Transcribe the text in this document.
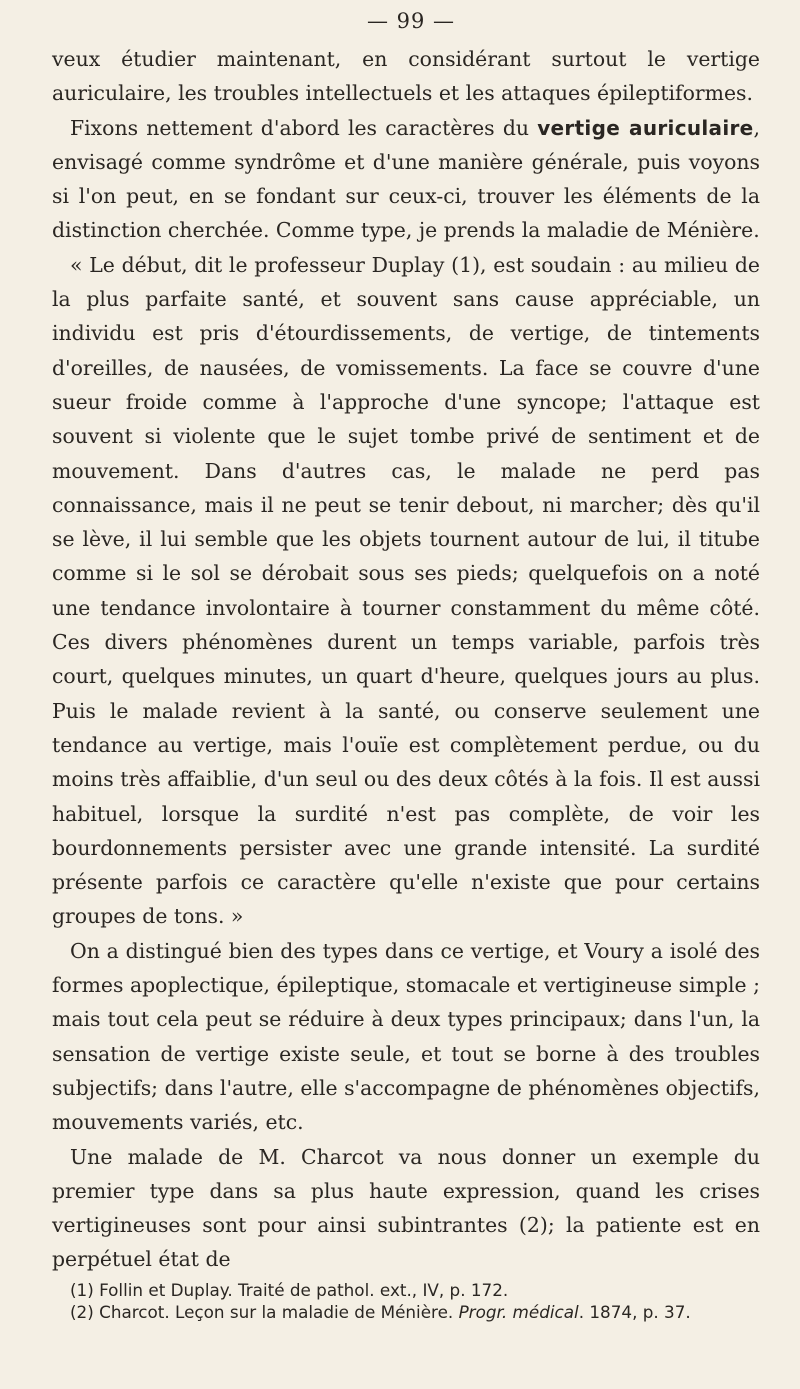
— 99 —

veux étudier maintenant, en considérant surtout le vertige auriculaire, les troubles intellectuels et les attaques épileptiformes.

Fixons nettement d'abord les caractères du vertige auriculaire, envisagé comme syndrôme et d'une manière générale, puis voyons si l'on peut, en se fondant sur ceux-ci, trouver les éléments de la distinction cherchée. Comme type, je prends la maladie de Ménière.

« Le début, dit le professeur Duplay (1), est soudain : au milieu de la plus parfaite santé, et souvent sans cause appréciable, un individu est pris d'étourdissements, de vertige, de tintements d'oreilles, de nausées, de vomissements. La face se couvre d'une sueur froide comme à l'approche d'une syncope; l'attaque est souvent si violente que le sujet tombe privé de sentiment et de mouvement. Dans d'autres cas, le malade ne perd pas connaissance, mais il ne peut se tenir debout, ni marcher; dès qu'il se lève, il lui semble que les objets tournent autour de lui, il titube comme si le sol se dérobait sous ses pieds; quelquefois on a noté une tendance involontaire à tourner constamment du même côté. Ces divers phénomènes durent un temps variable, parfois très court, quelques minutes, un quart d'heure, quelques jours au plus. Puis le malade revient à la santé, ou conserve seulement une tendance au vertige, mais l'ouïe est complètement perdue, ou du moins très affaiblie, d'un seul ou des deux côtés à la fois. Il est aussi habituel, lorsque la surdité n'est pas complète, de voir les bourdonnements persister avec une grande intensité. La surdité présente parfois ce caractère qu'elle n'existe que pour certains groupes de tons. »

On a distingué bien des types dans ce vertige, et Voury a isolé des formes apoplectique, épileptique, stomacale et vertigineuse simple ; mais tout cela peut se réduire à deux types principaux; dans l'un, la sensation de vertige existe seule, et tout se borne à des troubles subjectifs; dans l'autre, elle s'accompagne de phénomènes objectifs, mouvements variés, etc.

Une malade de M. Charcot va nous donner un exemple du premier type dans sa plus haute expression, quand les crises vertigineuses sont pour ainsi subintrantes (2); la patiente est en perpétuel état de

(1) Follin et Duplay. Traité de pathol. ext., IV, p. 172.

(2) Charcot. Leçon sur la maladie de Ménière. Progr. médical. 1874, p. 37.
